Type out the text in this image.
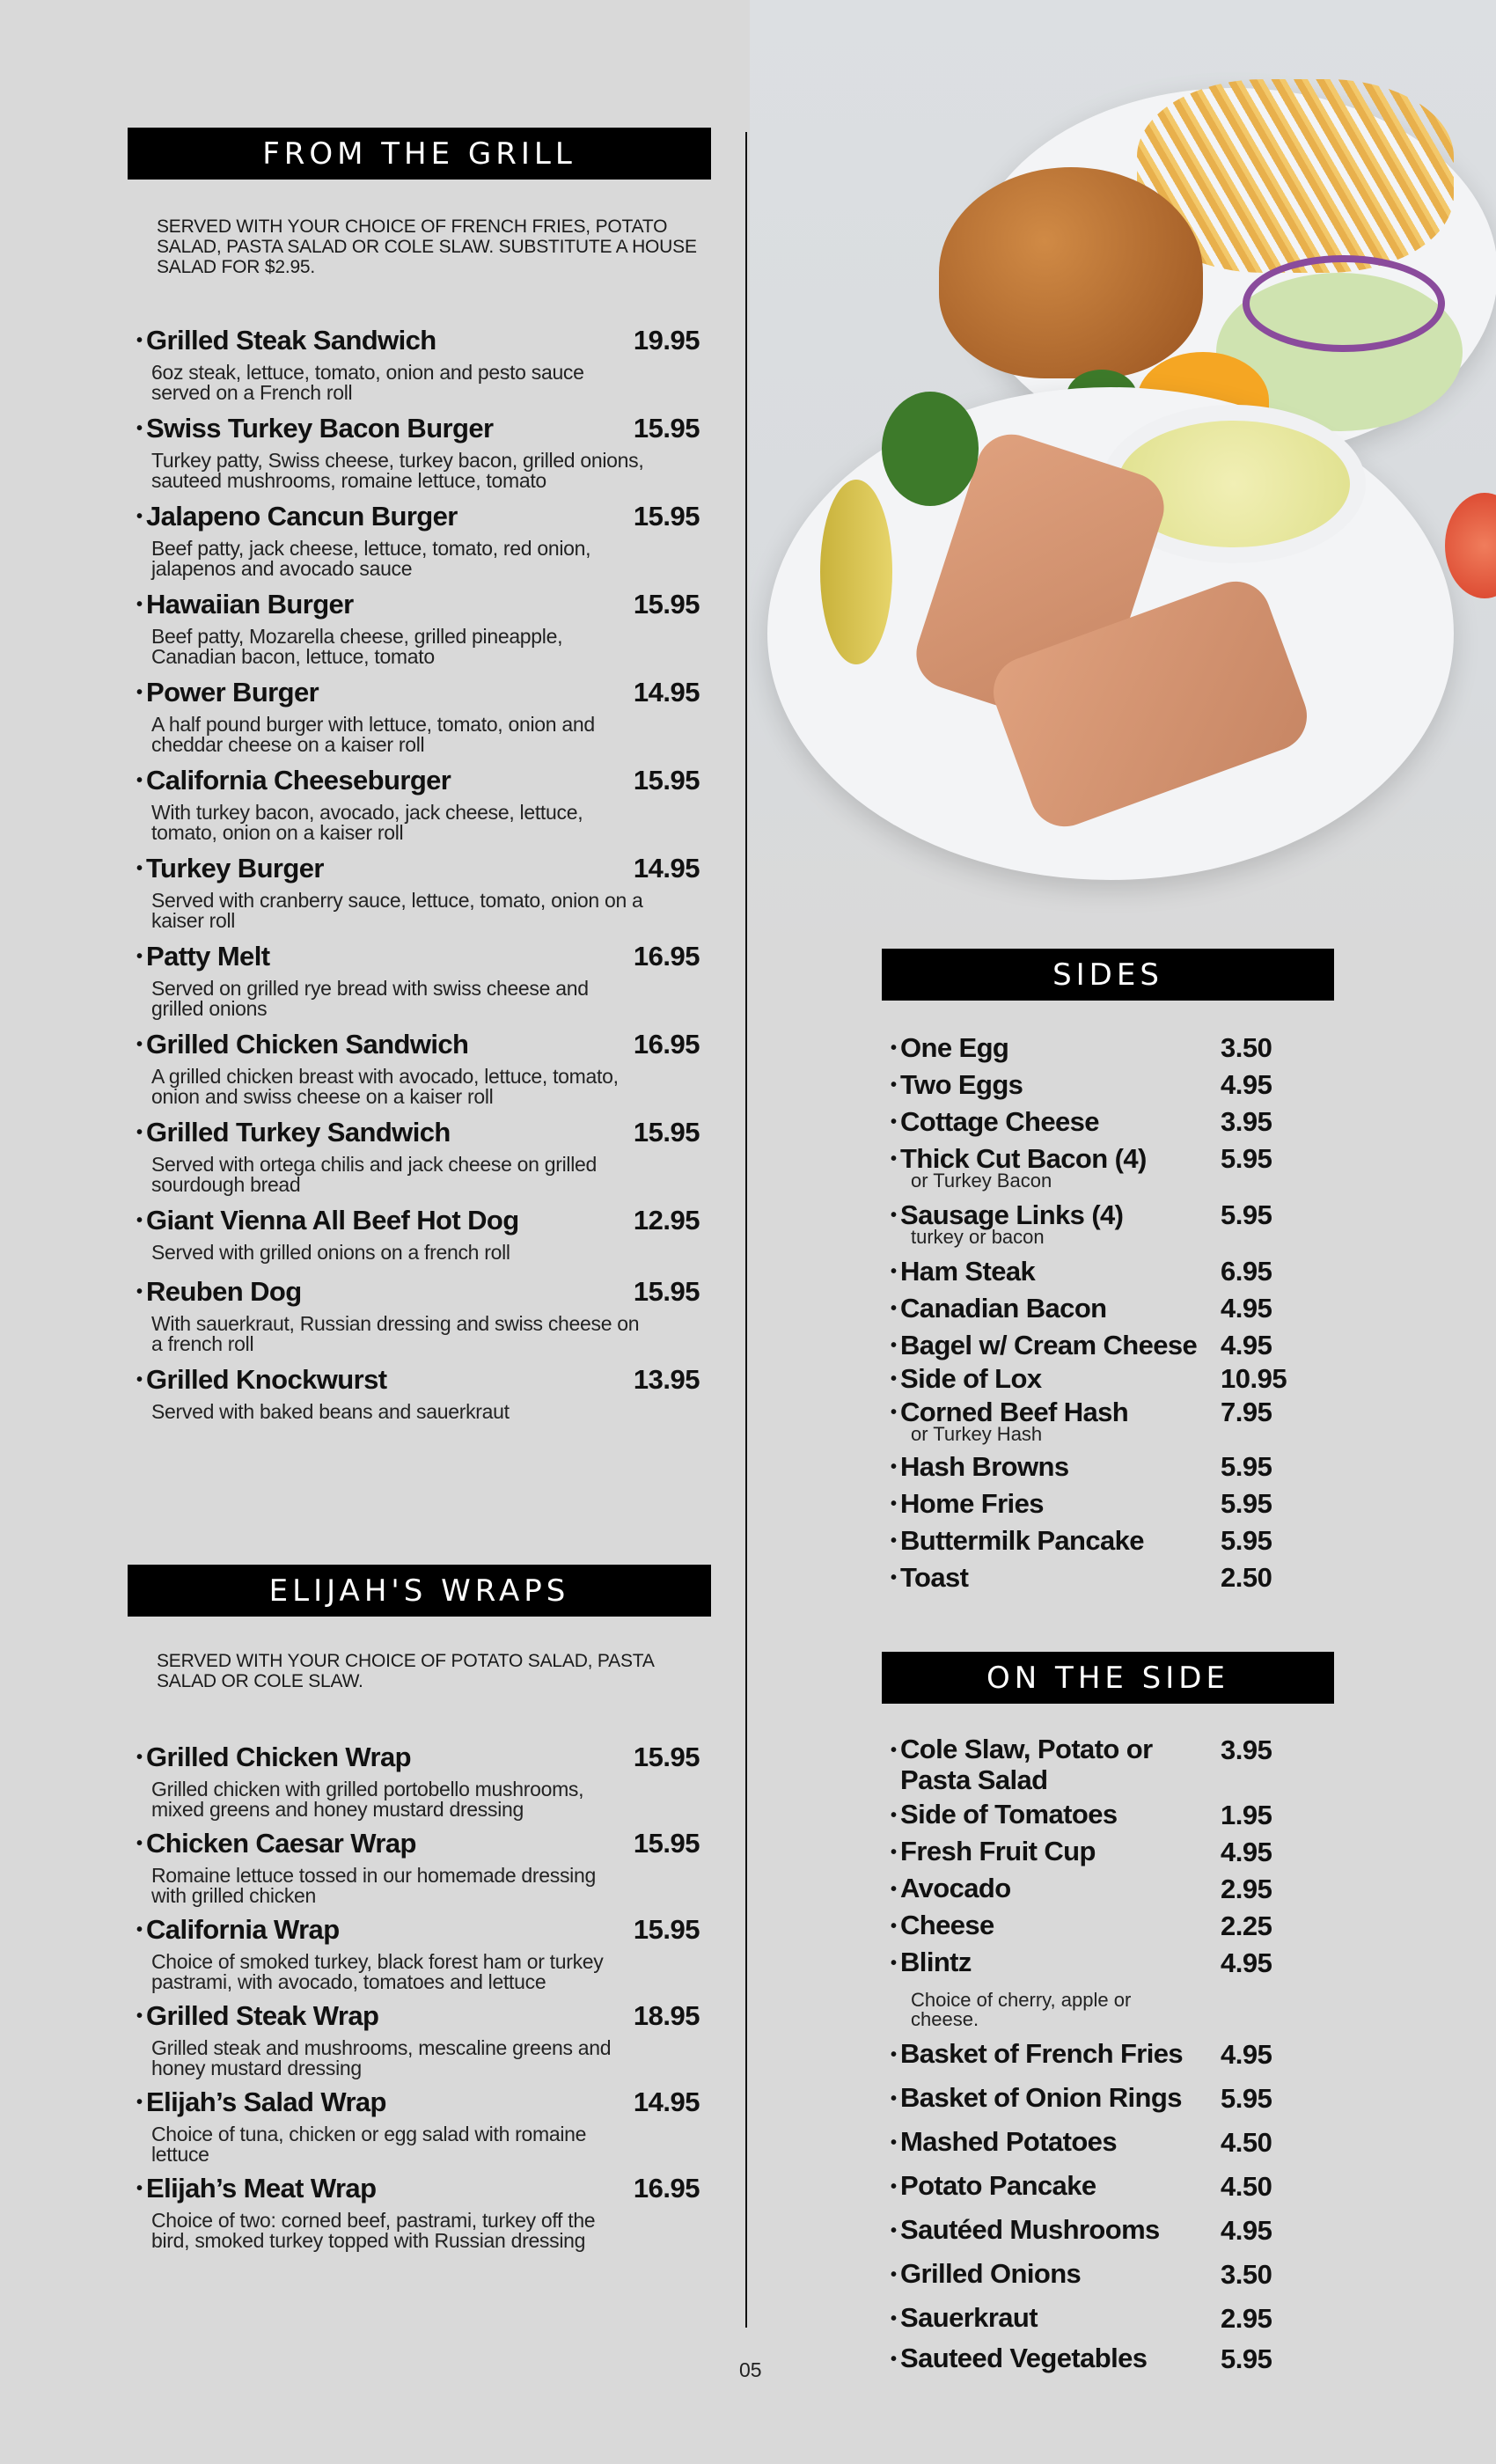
FROM THE GRILL
SERVED WITH YOUR CHOICE OF FRENCH FRIES, POTATO SALAD, PASTA SALAD OR COLE SLAW. SUBSTITUTE A HOUSE SALAD FOR $2.95.
• Grilled Steak Sandwich	19.95
6oz steak, lettuce, tomato, onion and pesto sauce served on a French roll
• Swiss Turkey Bacon Burger	15.95
Turkey patty, Swiss cheese, turkey bacon, grilled onions, sauteed mushrooms, romaine lettuce, tomato
• Jalapeno Cancun Burger	15.95
Beef patty, jack cheese, lettuce, tomato, red onion, jalapenos and avocado sauce
• Hawaiian Burger	15.95
Beef patty, Mozarella cheese, grilled pineapple, Canadian bacon, lettuce, tomato
• Power Burger	14.95
A half pound burger with lettuce, tomato, onion and cheddar cheese on a kaiser roll
• California Cheeseburger	15.95
With turkey bacon, avocado, jack cheese, lettuce, tomato, onion on a kaiser roll
• Turkey Burger	14.95
Served with cranberry sauce, lettuce, tomato, onion on a kaiser roll
• Patty Melt	16.95
Served on grilled rye bread with swiss cheese and grilled onions
• Grilled Chicken Sandwich	16.95
A grilled chicken breast with avocado, lettuce, tomato, onion and swiss cheese on a kaiser roll
• Grilled Turkey Sandwich	15.95
Served with ortega chilis and jack cheese on grilled sourdough bread
• Giant Vienna All Beef Hot Dog	12.95
Served with grilled onions on a french roll
• Reuben Dog	15.95
With sauerkraut, Russian dressing and swiss cheese on a french roll
• Grilled Knockwurst	13.95
Served with baked beans and sauerkraut
ELIJAH'S WRAPS
SERVED WITH YOUR CHOICE OF POTATO SALAD, PASTA SALAD OR COLE SLAW.
• Grilled Chicken Wrap	15.95
Grilled chicken with grilled portobello mushrooms, mixed greens and honey mustard dressing
• Chicken Caesar Wrap	15.95
Romaine lettuce tossed in our homemade dressing with grilled chicken
• California Wrap	15.95
Choice of smoked turkey, black forest ham or turkey pastrami, with avocado, tomatoes and lettuce
• Grilled Steak Wrap	18.95
Grilled steak and mushrooms, mescaline greens and honey mustard dressing
• Elijah’s Salad Wrap	14.95
Choice of tuna, chicken or egg salad with romaine lettuce
• Elijah’s Meat Wrap	16.95
Choice of two: corned beef, pastrami, turkey off the bird, smoked turkey topped with Russian dressing
SIDES
• One Egg	3.50
• Two Eggs	4.95
• Cottage Cheese	3.95
• Thick Cut Bacon (4)	5.95
or Turkey Bacon
• Sausage Links (4)	5.95
turkey or bacon
• Ham Steak	6.95
• Canadian Bacon	4.95
• Bagel w/ Cream Cheese 4.95
• Side of Lox	10.95
• Corned Beef Hash	7.95
or Turkey Hash
• Hash Browns	5.95
• Home Fries	5.95
• Buttermilk Pancake	5.95
• Toast	2.50
ON THE SIDE
• Cole Slaw, Potato or Pasta Salad
3.95
• Side of Tomatoes	1.95
• Fresh Fruit Cup	4.95
• Avocado	2.95
• Cheese	2.25
• Blintz	4.95
Choice of cherry, apple or cheese.
• Basket of French Fries 4.95
• Basket of Onion Rings 5.95
• Mashed Potatoes	4.50
• Potato Pancake	4.50
• Sautéed Mushrooms 4.95
• Grilled Onions	3.50
• Sauerkraut	2.95
• Sauteed Vegetables	5.95
05
